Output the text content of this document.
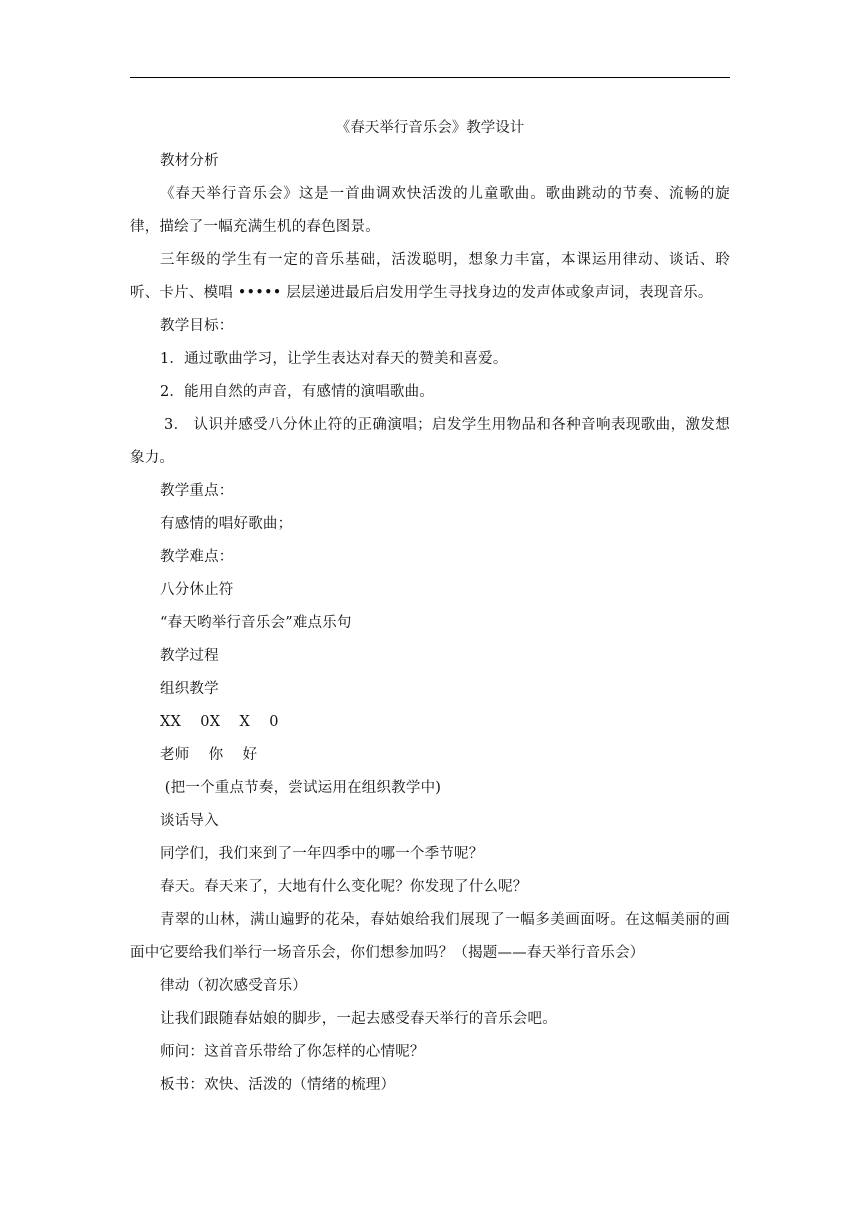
《春天举行音乐会》教学设计

教材分析

《春天举行音乐会》这是一首曲调欢快活泼的儿童歌曲。歌曲跳动的节奏、流畅的旋律，描绘了一幅充满生机的春色图景。

三年级的学生有一定的音乐基础，活泼聪明，想象力丰富，本课运用律动、谈话、聆听、卡片、模唱 ••••• 层层递进最后启发用学生寻找身边的发声体或象声词，表现音乐。

教学目标：

1．通过歌曲学习，让学生表达对春天的赞美和喜爱。

2．能用自然的声音，有感情的演唱歌曲。

3． 认识并感受八分休止符的正确演唱；启发学生用物品和各种音响表现歌曲，激发想象力。

教学重点：

有感情的唱好歌曲；

教学难点：

八分休止符

“春天哟举行音乐会”难点乐句

教学过程

组织教学

XX    0X    X    0

老师    你    好

(把一个重点节奏，尝试运用在组织教学中)

谈话导入

同学们，我们来到了一年四季中的哪一个季节呢？

春天。春天来了，大地有什么变化呢？你发现了什么呢？

青翠的山林，满山遍野的花朵，春姑娘给我们展现了一幅多美画面呀。在这幅美丽的画面中它要给我们举行一场音乐会，你们想参加吗？（揭题——春天举行音乐会）

律动（初次感受音乐）

让我们跟随春姑娘的脚步，一起去感受春天举行的音乐会吧。

师问：这首音乐带给了你怎样的心情呢？

板书：欢快、活泼的（情绪的梳理）
